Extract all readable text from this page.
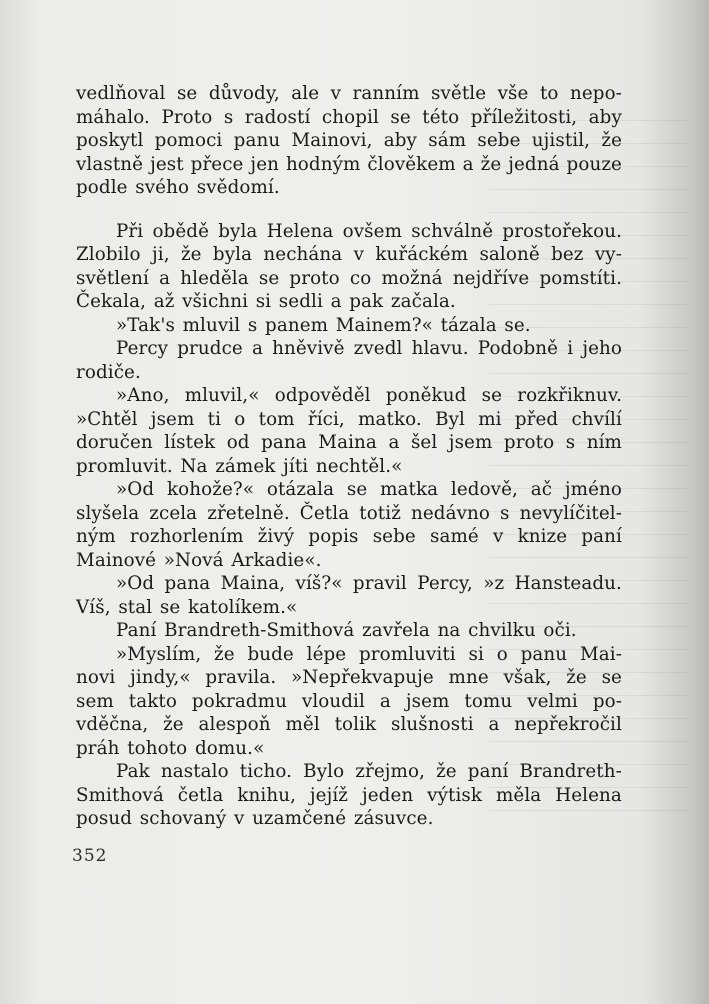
vedlňoval se důvody, ale v ranním světle vše to nepo-
máhalo. Proto s radostí chopil se této příležitosti, aby
poskytl pomoci panu Mainovi, aby sám sebe ujistil, že
vlastně jest přece jen hodným člověkem a že jedná pouze
podle svého svědomí.
Při obědě byla Helena ovšem schválně prostořekou.
Zlobilo ji, že byla nechána v kuřáckém saloně bez vy-
světlení a hleděla se proto co možná nejdříve pomstíti.
Čekala, až všichni si sedli a pak začala.
»Tak's mluvil s panem Mainem?« tázala se.
Percy prudce a hněvivě zvedl hlavu. Podobně i jeho
rodiče.
»Ano, mluvil,« odpověděl poněkud se rozkřiknuv.
»Chtěl jsem ti o tom říci, matko. Byl mi před chvílí
doručen lístek od pana Maina a šel jsem proto s ním
promluvit. Na zámek jíti nechtěl.«
»Od kohože?« otázala se matka ledově, ač jméno
slyšela zcela zřetelně. Četla totiž nedávno s nevylíčitel-
ným rozhorlením živý popis sebe samé v knize paní
Mainové »Nová Arkadie«.
»Od pana Maina, víš?« pravil Percy, »z Hansteadu.
Víš, stal se katolíkem.«
Paní Brandreth-Smithová zavřela na chvilku oči.
»Myslím, že bude lépe promluviti si o panu Mai-
novi jindy,« pravila. »Nepřekvapuje mne však, že se
sem takto pokradmu vloudil a jsem tomu velmi po-
vděčna, že alespoň měl tolik slušnosti a nepřekročil
práh tohoto domu.«
Pak nastalo ticho. Bylo zřejmo, že paní Brandreth-
Smithová četla knihu, jejíž jeden výtisk měla Helena
posud schovaný v uzamčené zásuvce.
352
